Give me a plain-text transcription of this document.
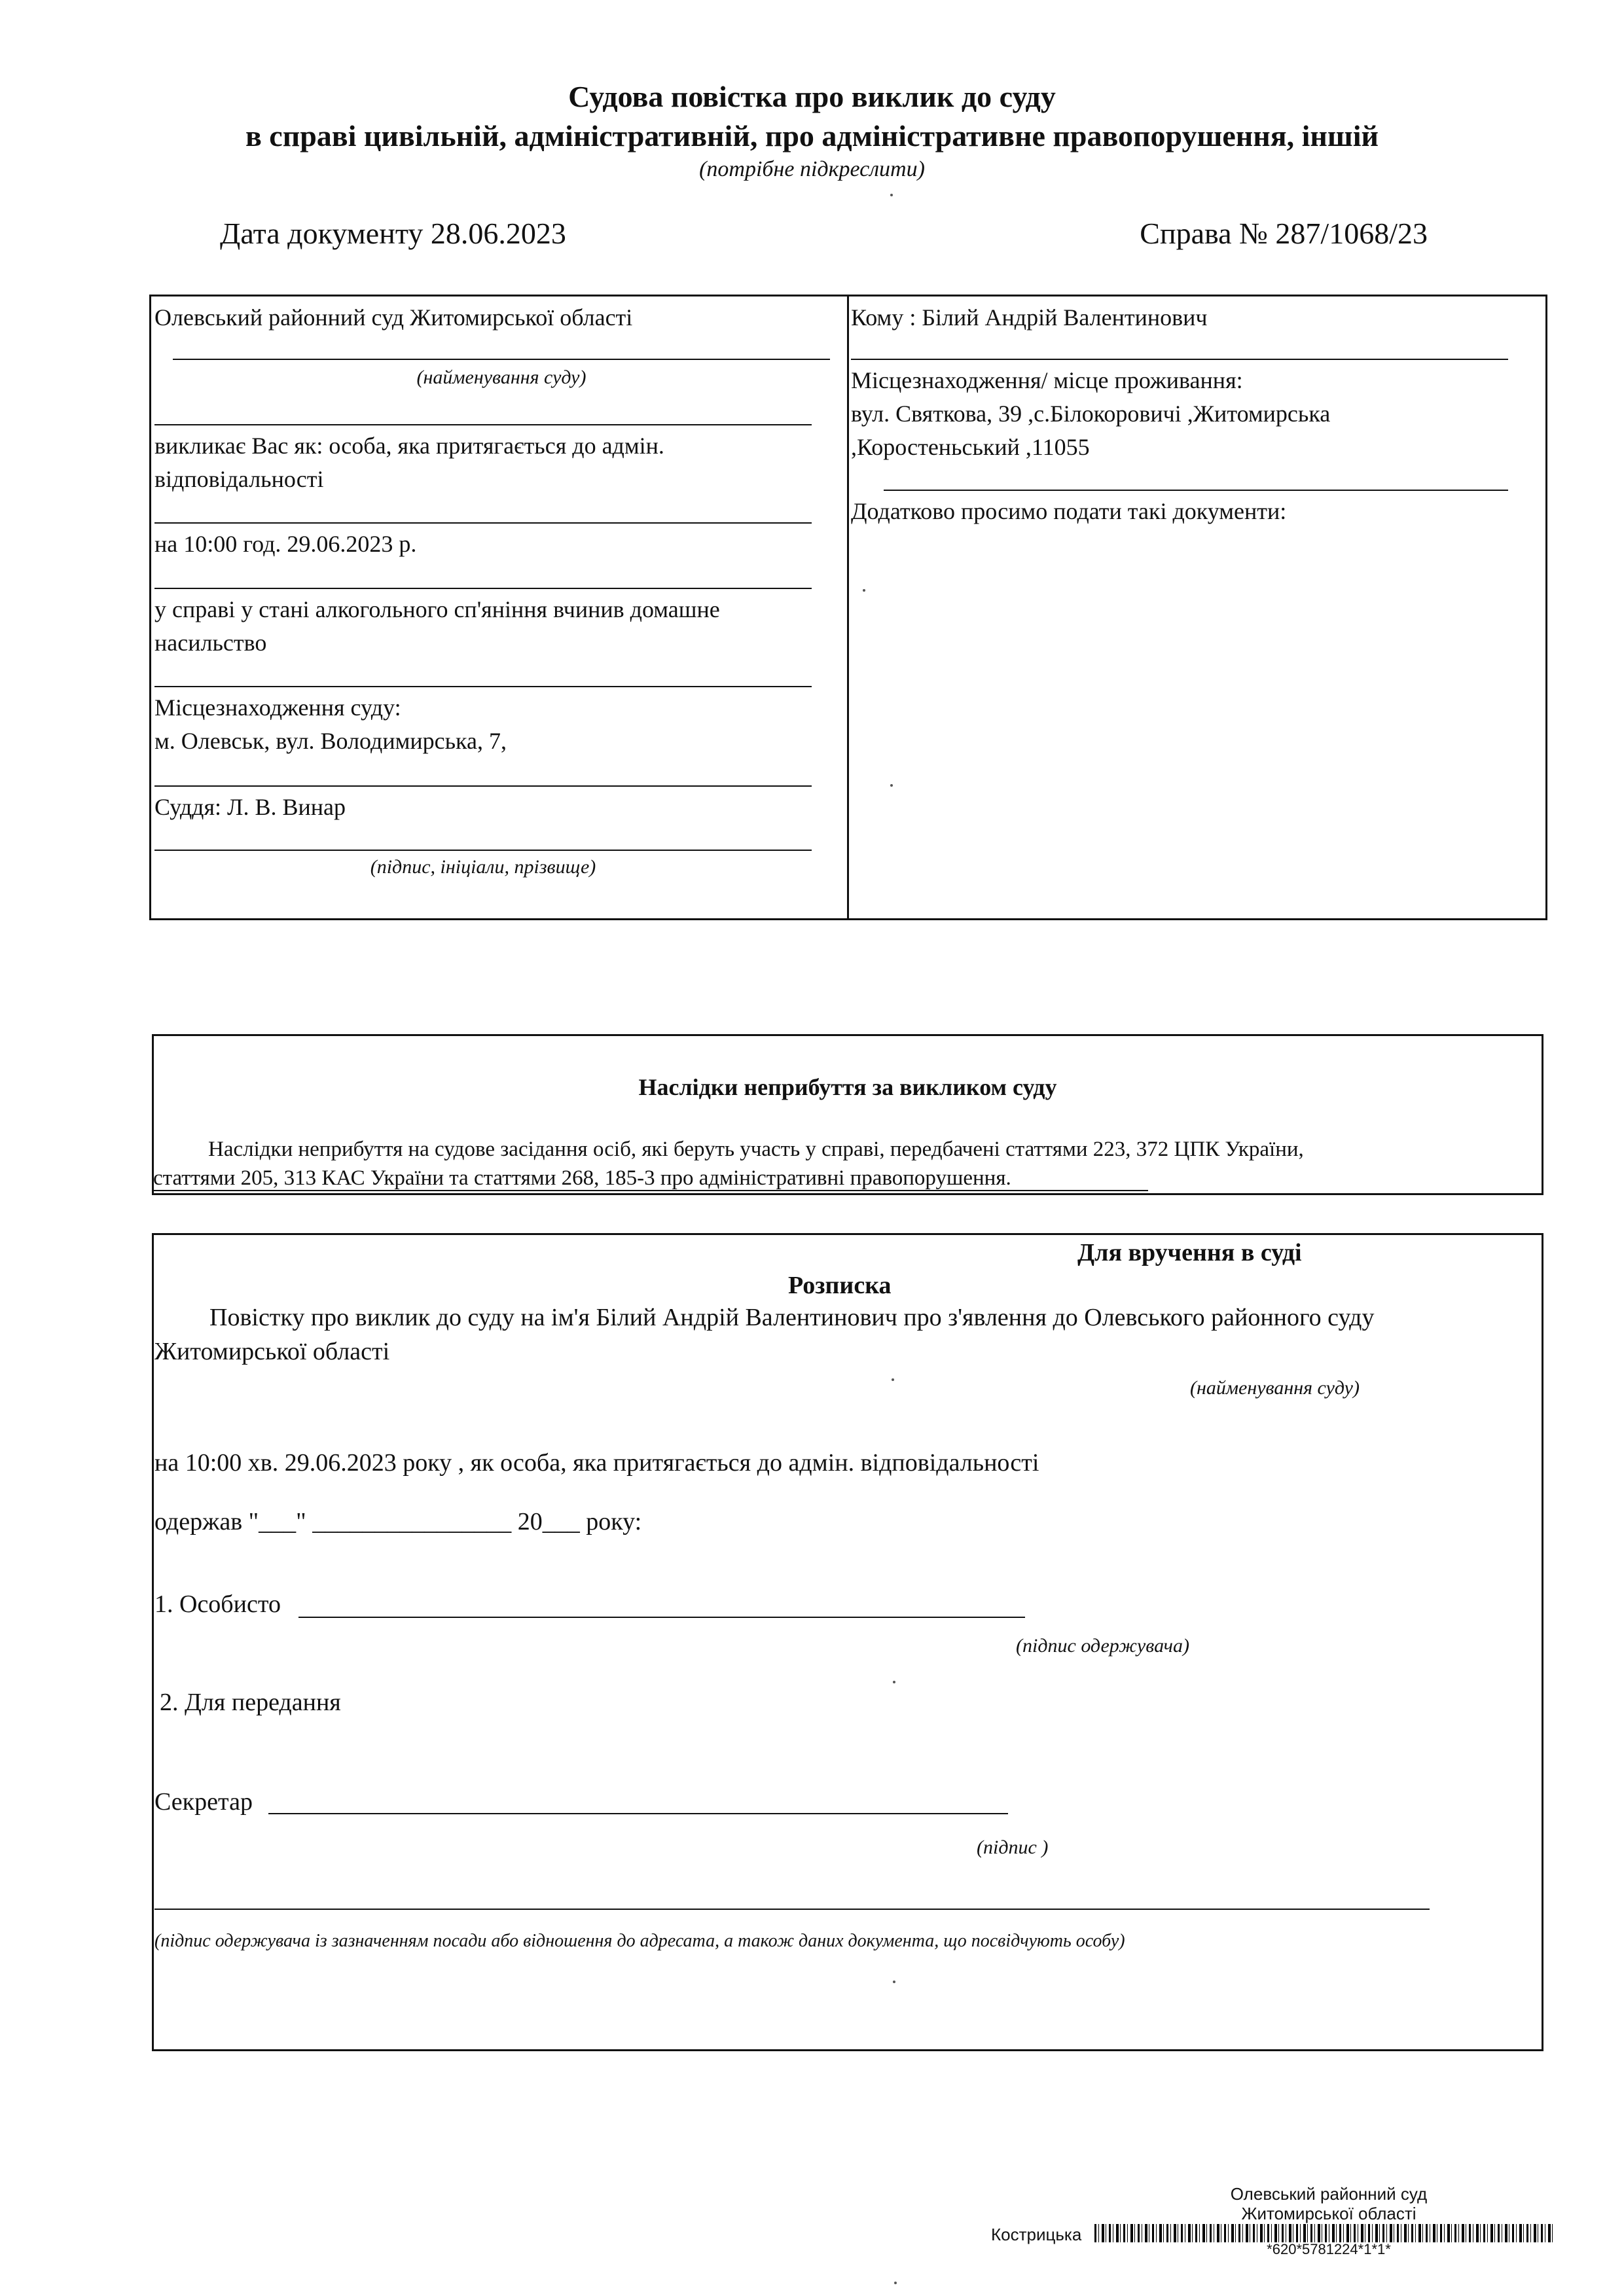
Судова повістка про виклик до суду
в справі цивільній, адміністративній, про адміністративне правопорушення, іншій
(потрібне підкреслити)
Дата документу 28.06.2023	Справа № 287/1068/23
Олевський районний суд Житомирської області
(найменування суду)
викликає Вас як: особа, яка притягається до адмін.
відповідальності
на 10:00 год. 29.06.2023 р.
у справі у стані алкогольного сп'яніння вчинив домашне
насильство
Місцезнаходження суду:
м. Олевськ, вул. Володимирська, 7,
Суддя: Л. В. Винар
(підпис, ініціали, прізвище)
Кому : Білий Андрій Валентинович
Місцезнаходження/ місце проживання:
вул. Святкова, 39 ,с.Білокоровичі ,Житомирська
,Коростеньський ,11055
Додатково просимо подати такі документи:
Наслідки неприбуття за викликом суду
Наслідки неприбуття на судове засідання осіб, які беруть участь у справі, передбачені статтями 223, 372 ЦПК України,
статтями 205, 313 КАС України та статтями 268, 185-3 про адміністративні правопорушення.
Для вручення в суді
Розписка
Повістку про виклик до суду на ім'я Білий Андрій Валентинович про з'явлення до Олевського районного суду
Житомирської області
(найменування суду)
на 10:00 хв. 29.06.2023 року , як особа, яка притягається до адмін. відповідальності
одержав "___" ________________ 20___ року:
1. Особисто
(підпис одержувача)
2. Для передання
Секретар
(підпис )
(підпис одержувача із зазначенням посади або відношення до адресата, а також даних документа, що посвідчують особу)
Олевський районний суд
Житомирської області
Кострицька
*620*5781224*1*1*
